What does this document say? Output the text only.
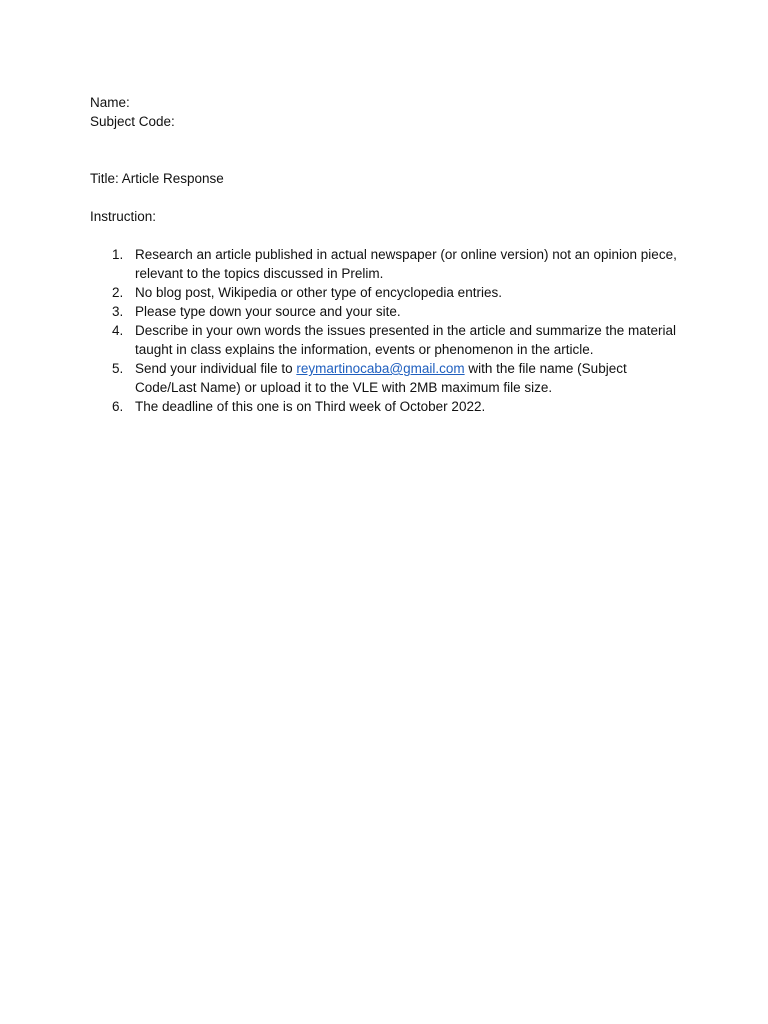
Name:
Subject Code:
Title: Article Response
Instruction:
1. Research an article published in actual newspaper (or online version) not an opinion piece, relevant to the topics discussed in Prelim.
2. No blog post, Wikipedia or other type of encyclopedia entries.
3. Please type down your source and your site.
4. Describe in your own words the issues presented in the article and summarize the material taught in class explains the information, events or phenomenon in the article.
5. Send your individual file to reymartinocaba@gmail.com with the file name (Subject Code/Last Name) or upload it to the VLE with 2MB maximum file size.
6. The deadline of this one is on Third week of October 2022.
